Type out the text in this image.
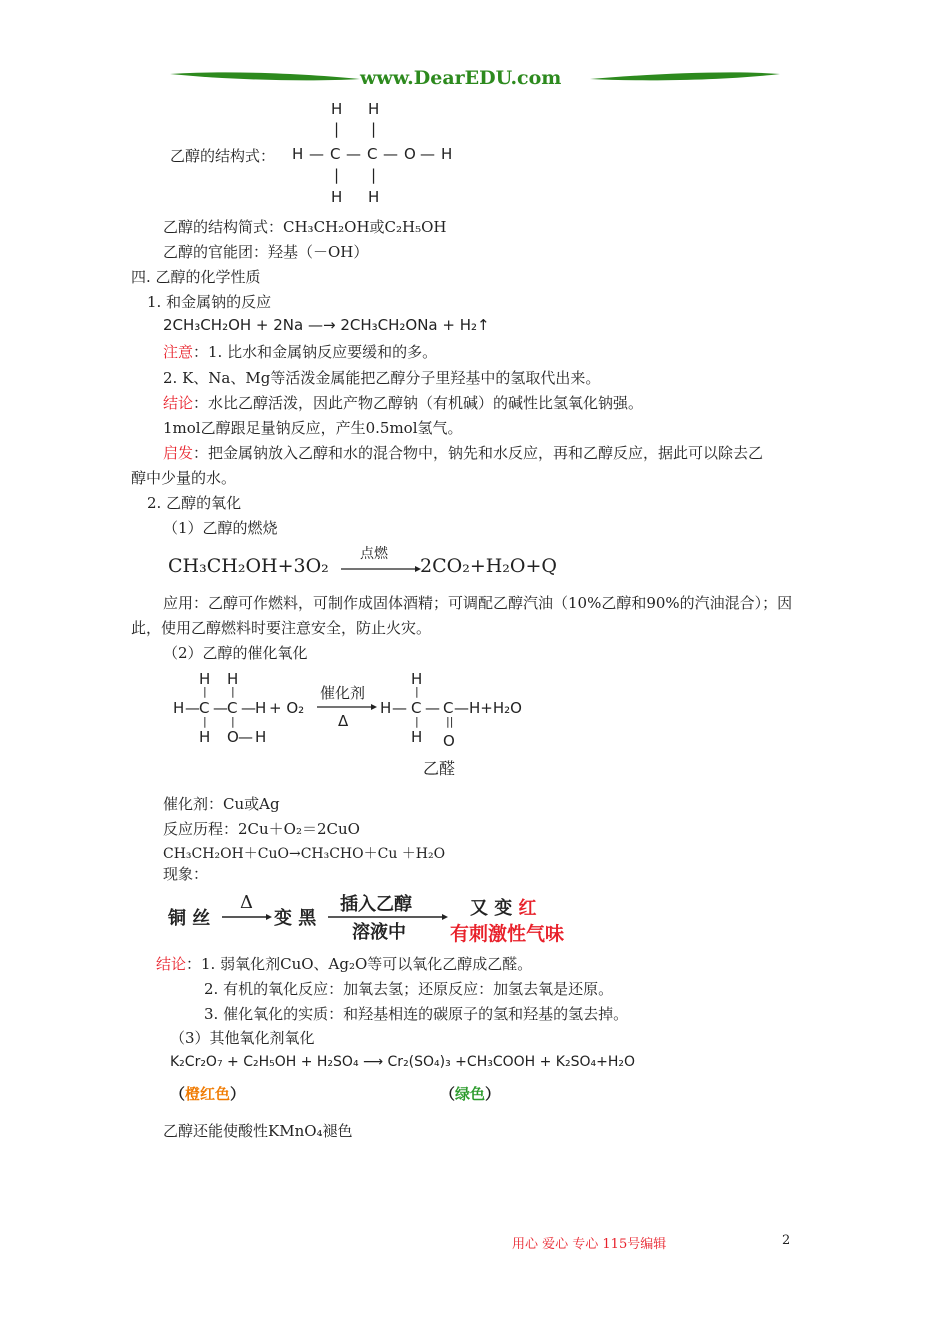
www.DearEDU.com
乙醇的结构式：
H H
| |
H — C — C — O — H
| |
H H
乙醇的结构简式：CH₃CH₂OH或C₂H₅OH
乙醇的官能团：羟基（－OH）
四. 乙醇的化学性质
1. 和金属钠的反应
2CH₃CH₂OH + 2Na —→ 2CH₃CH₂ONa + H₂↑
注意：1. 比水和金属钠反应要缓和的多。
2. K、Na、Mg等活泼金属能把乙醇分子里羟基中的氢取代出来。
结论：水比乙醇活泼，因此产物乙醇钠（有机碱）的碱性比氢氧化钠强。
1mol乙醇跟足量钠反应，产生0.5mol氢气。
启发：把金属钠放入乙醇和水的混合物中，钠先和水反应，再和乙醇反应，据此可以除去乙
醇中少量的水。
2. 乙醇的氧化
（1）乙醇的燃烧
CH₃CH₂OH+3O₂
点燃
2CO₂+H₂O+Q
应用：乙醇可作燃料，可制作成固体酒精；可调配乙醇汽油（10%乙醇和90%的汽油混合）；因
此，使用乙醇燃料时要注意安全，防止火灾。
（2）乙醇的催化氧化
H H
| |
H — C — C — H + O₂
| |
H O — H
催化剂
Δ
H
|
H — C — C —H+H₂O
| ||
H O
乙醛
催化剂：Cu或Ag
反应历程：2Cu＋O₂＝2CuO
CH₃CH₂OH＋CuO→CH₃CHO＋Cu ＋H₂O
现象：
铜 丝
Δ
变 黑
插入乙醇
溶液中
又 变 红
有刺激性气味
结论：1. 弱氧化剂CuO、Ag₂O等可以氧化乙醇成乙醛。
2. 有机的氧化反应：加氧去氢；还原反应：加氢去氧是还原。
3. 催化氧化的实质：和羟基相连的碳原子的氢和羟基的氢去掉。
（3）其他氧化剂氧化
K₂Cr₂O₇ + C₂H₅OH + H₂SO₄ ⟶ Cr₂(SO₄)₃ +CH₃COOH + K₂SO₄+H₂O
（橙红色）	（绿色）
乙醇还能使酸性KMnO₄褪色
用心 爱心 专心 115号编辑	2
